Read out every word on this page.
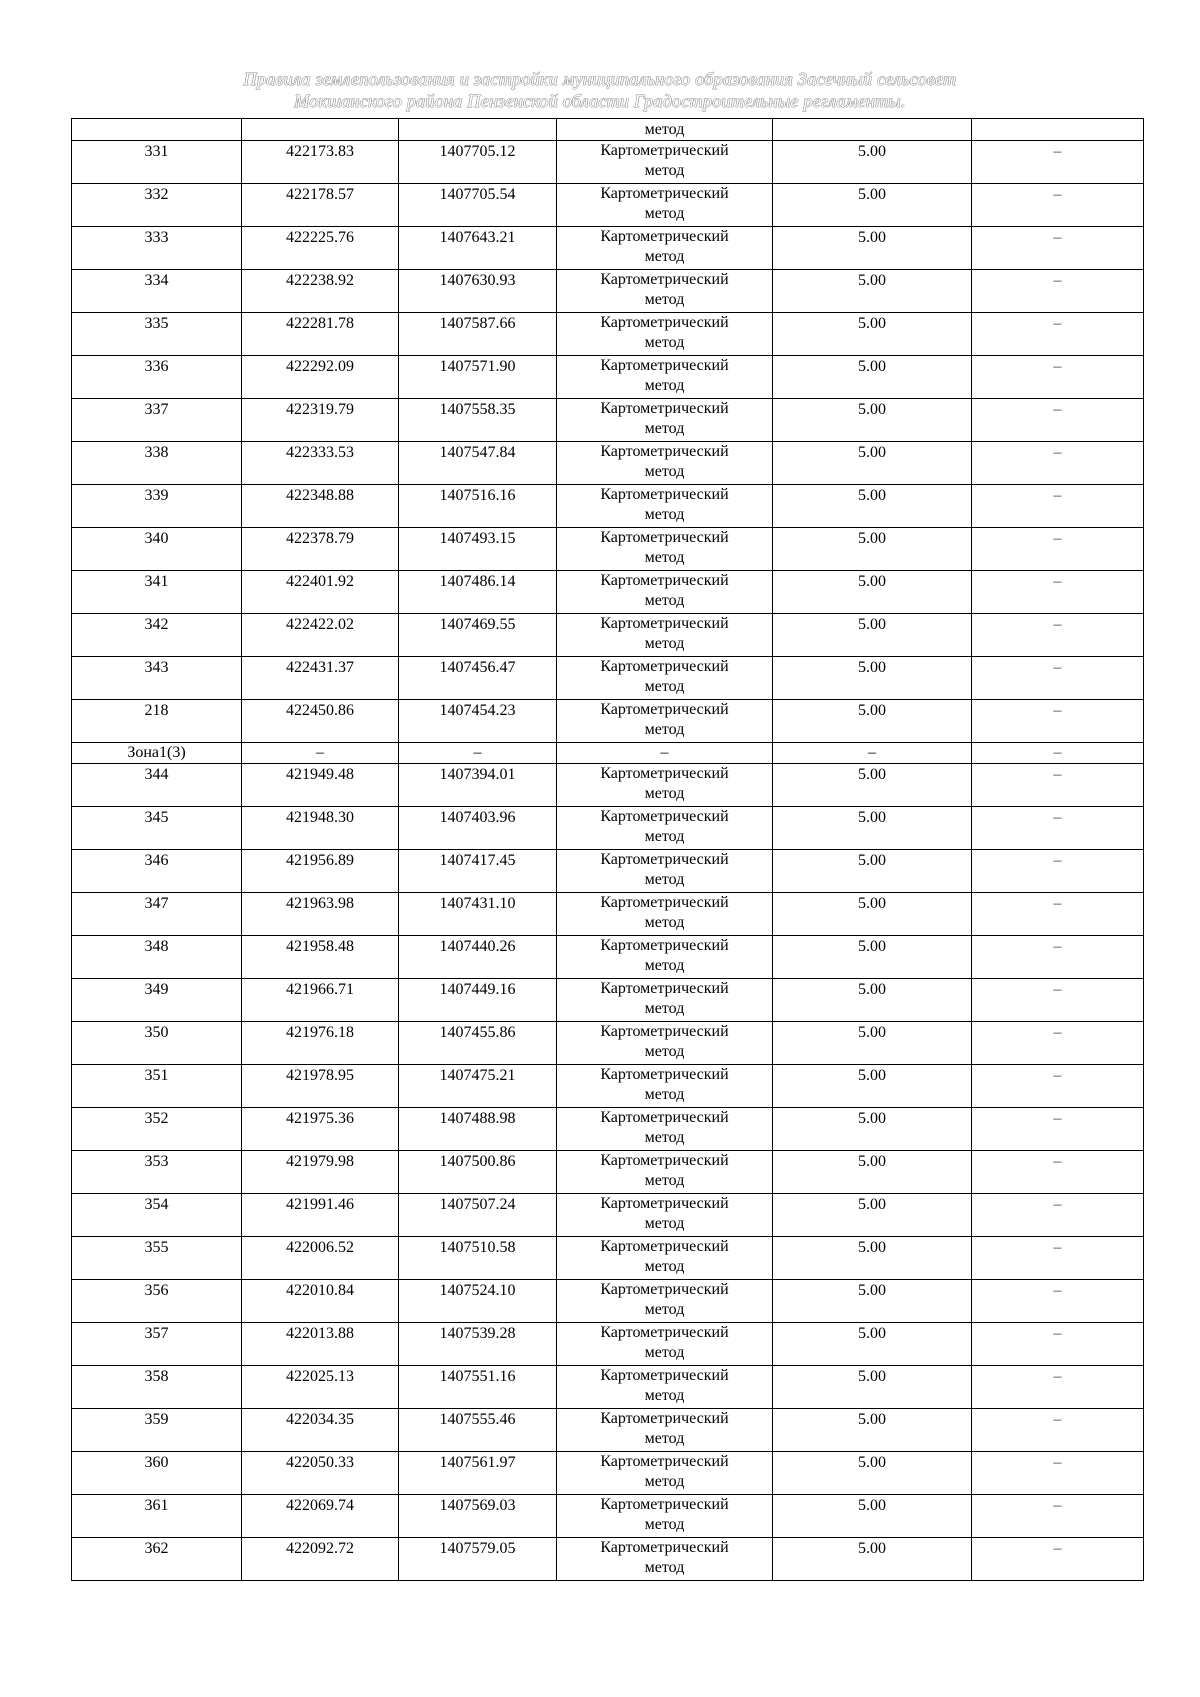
Правила землепользования и застройки муниципального образования Засечный сельсовет
Мокшанского района Пензенской области Градостроительные регламенты.
			метод		

331	422173.83	1407705.12	Картометрический
метод	5.00	–

332	422178.57	1407705.54	Картометрический
метод	5.00	–

333	422225.76	1407643.21	Картометрический
метод	5.00	–

334	422238.92	1407630.93	Картометрический
метод	5.00	–

335	422281.78	1407587.66	Картометрический
метод	5.00	–

336	422292.09	1407571.90	Картометрический
метод	5.00	–

337	422319.79	1407558.35	Картометрический
метод	5.00	–

338	422333.53	1407547.84	Картометрический
метод	5.00	–

339	422348.88	1407516.16	Картометрический
метод	5.00	–

340	422378.79	1407493.15	Картометрический
метод	5.00	–

341	422401.92	1407486.14	Картометрический
метод	5.00	–

342	422422.02	1407469.55	Картометрический
метод	5.00	–

343	422431.37	1407456.47	Картометрический
метод	5.00	–

218	422450.86	1407454.23	Картометрический
метод	5.00	–

Зона1(3)	–	–	–	–	–

344	421949.48	1407394.01	Картометрический
метод	5.00	–

345	421948.30	1407403.96	Картометрический
метод	5.00	–

346	421956.89	1407417.45	Картометрический
метод	5.00	–

347	421963.98	1407431.10	Картометрический
метод	5.00	–

348	421958.48	1407440.26	Картометрический
метод	5.00	–

349	421966.71	1407449.16	Картометрический
метод	5.00	–

350	421976.18	1407455.86	Картометрический
метод	5.00	–

351	421978.95	1407475.21	Картометрический
метод	5.00	–

352	421975.36	1407488.98	Картометрический
метод	5.00	–

353	421979.98	1407500.86	Картометрический
метод	5.00	–

354	421991.46	1407507.24	Картометрический
метод	5.00	–

355	422006.52	1407510.58	Картометрический
метод	5.00	–

356	422010.84	1407524.10	Картометрический
метод	5.00	–

357	422013.88	1407539.28	Картометрический
метод	5.00	–

358	422025.13	1407551.16	Картометрический
метод	5.00	–

359	422034.35	1407555.46	Картометрический
метод	5.00	–

360	422050.33	1407561.97	Картометрический
метод	5.00	–

361	422069.74	1407569.03	Картометрический
метод	5.00	–

362	422092.72	1407579.05	Картометрический
метод	5.00	–
